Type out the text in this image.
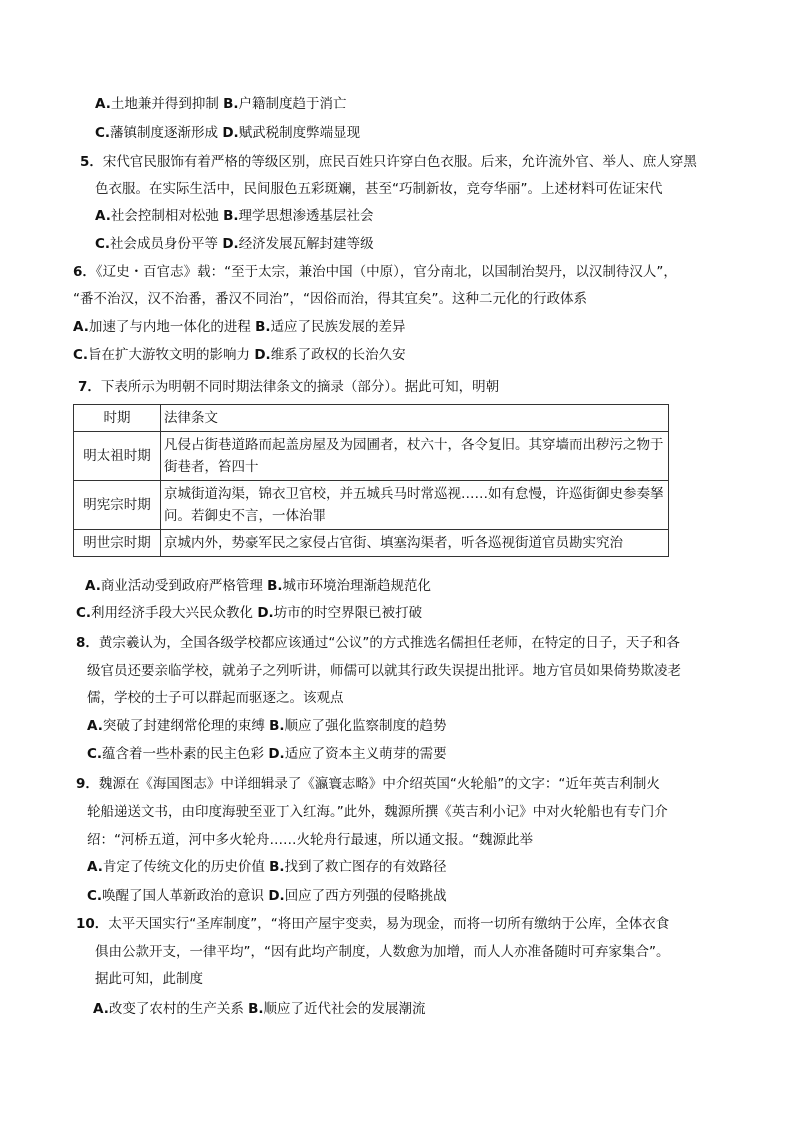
A.土地兼并得到抑制 B.户籍制度趋于消亡
C.藩镇制度逐渐形成 D.赋武税制度弊端显现
5．宋代官民服饰有着严格的等级区别，庶民百姓只许穿白色衣服。后来，允许流外官、举人、庶人穿黑
色衣服。在实际生活中，民间服色五彩斑斓，甚至“巧制新妆，竞夸华丽”。上述材料可佐证宋代
A.社会控制相对松弛 B.理学思想渗透基层社会
C.社会成员身份平等 D.经济发展瓦解封建等级
6．《辽史・百官志》载：“至于太宗，兼治中国（中原），官分南北，以国制治契丹，以汉制待汉人”，
“番不治汉，汉不治番，番汉不同治”，“因俗而治，得其宜矣”。这种二元化的行政体系
A.加速了与内地一体化的进程 B.适应了民族发展的差异
C.旨在扩大游牧文明的影响力 D.维系了政权的长治久安
7．下表所示为明朝不同时期法律条文的摘录（部分）。据此可知，明朝
时期	法律条文
明太祖时期	凡侵占街巷道路而起盖房屋及为园圃者，杖六十，各令复旧。其穿墙而出秽污之物于街巷者，笞四十
明宪宗时期	京城街道沟渠，锦衣卫官校，并五城兵马时常巡视……如有怠慢，许巡街御史参奏拏问。若御史不言，一体治罪
明世宗时期	京城内外，势豪军民之家侵占官街、填塞沟渠者，听各巡视街道官员勘实究治
A.商业活动受到政府严格管理 B.城市环境治理渐趋规范化
C.利用经济手段大兴民众教化 D.坊市的时空界限已被打破
8．黄宗羲认为，全国各级学校都应该通过“公议”的方式推选名儒担任老师，在特定的日子，天子和各
级官员还要亲临学校，就弟子之列听讲，师儒可以就其行政失误提出批评。地方官员如果倚势欺凌老
儒，学校的士子可以群起而驱逐之。该观点
A.突破了封建纲常伦理的束缚 B.顺应了强化监察制度的趋势
C.蕴含着一些朴素的民主色彩 D.适应了资本主义萌芽的需要
9．魏源在《海国图志》中详细辑录了《瀛寰志略》中介绍英国“火轮船”的文字：“近年英吉利制火
轮船递送文书，由印度海驶至亚丁入红海。”此外，魏源所撰《英吉利小记》中对火轮船也有专门介
绍：“河桥五道，河中多火轮舟……火轮舟行最速，所以通文报。“魏源此举
A.肯定了传统文化的历史价值 B.找到了救亡图存的有效路径
C.唤醒了国人革新政治的意识 D.回应了西方列强的侵略挑战
10．太平天国实行“圣库制度”，“将田产屋宇变卖，易为现金，而将一切所有缴纳于公库，全体衣食
俱由公款开支，一律平均”，“因有此均产制度，人数愈为加增，而人人亦准备随时可弃家集合”。
据此可知，此制度
A.改变了农村的生产关系 B.顺应了近代社会的发展潮流
